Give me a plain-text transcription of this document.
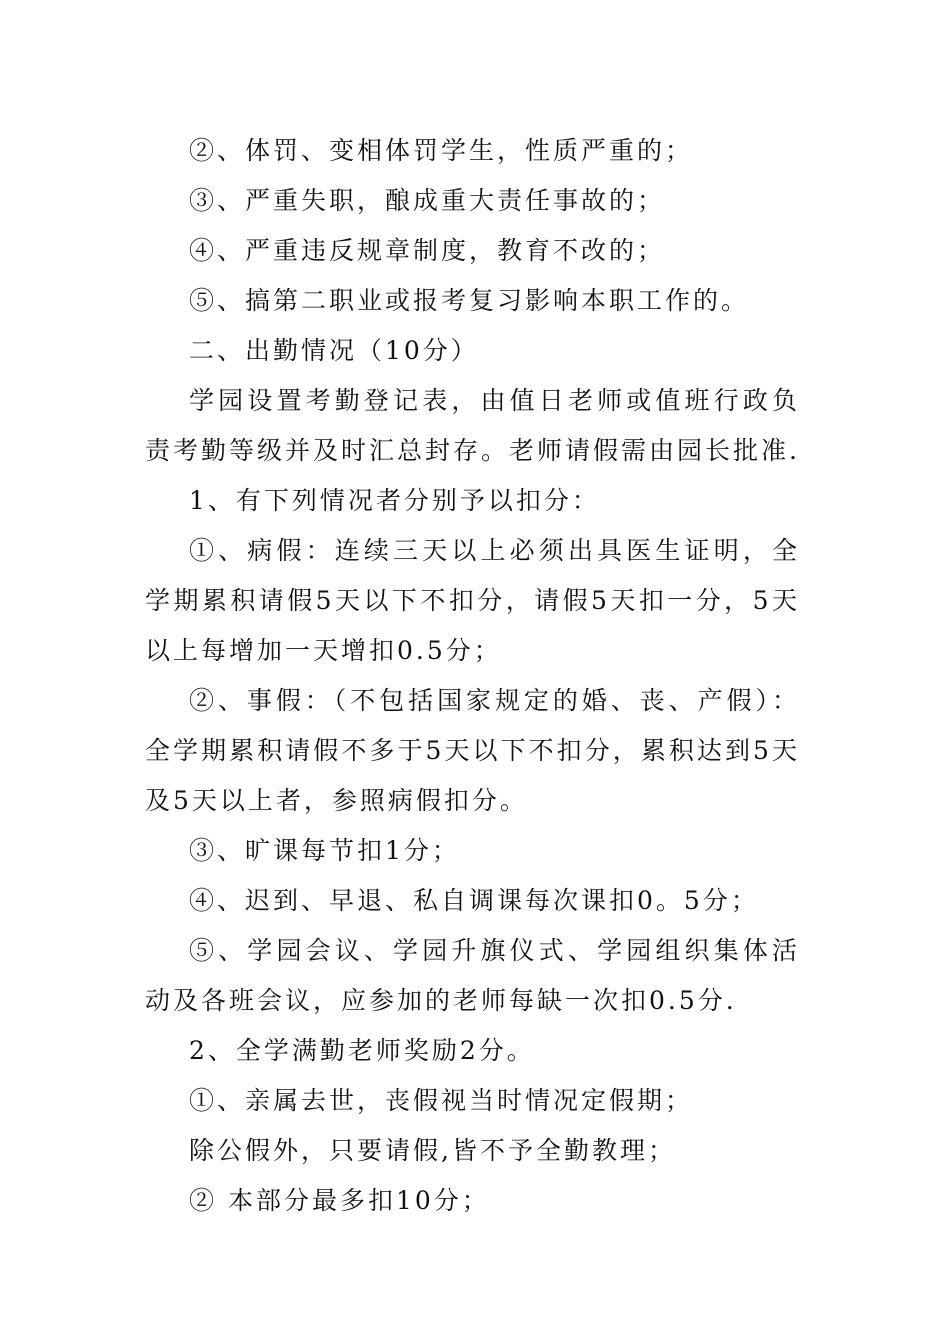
②、体罚、变相体罚学生，性质严重的；

③、严重失职，酿成重大责任事故的；

④、严重违反规章制度，教育不改的；

⑤、搞第二职业或报考复习影响本职工作的。

二、出勤情况（10分）

学园设置考勤登记表，由值日老师或值班行政负责考勤等级并及时汇总封存。老师请假需由园长批准.

1、有下列情况者分别予以扣分：

①、病假：连续三天以上必须出具医生证明，全学期累积请假5天以下不扣分，请假5天扣一分，5天以上每增加一天增扣0.5分；

②、事假：（不包括国家规定的婚、丧、产假）：全学期累积请假不多于5天以下不扣分，累积达到5天及5天以上者，参照病假扣分。

③、旷课每节扣1分；

④、迟到、早退、私自调课每次课扣0。5分；

⑤、学园会议、学园升旗仪式、学园组织集体活动及各班会议，应参加的老师每缺一次扣0.5分.

2、全学满勤老师奖励2分。

①、亲属去世，丧假视当时情况定假期；

除公假外，只要请假,皆不予全勤教理；

② 本部分最多扣10分；
